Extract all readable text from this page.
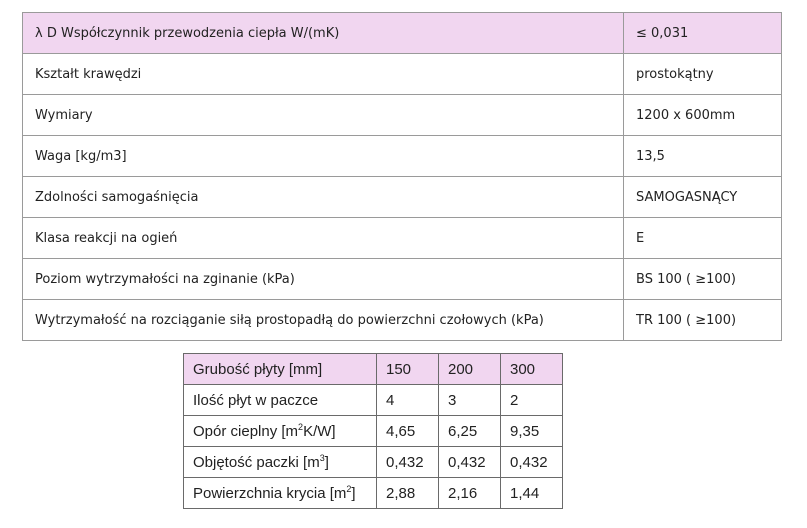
λ D Współczynnik przewodzenia ciepła W/(mK)	≤ 0,031
Kształt krawędzi	prostokątny
Wymiary	1200 x 600mm
Waga [kg/m3]	13,5
Zdolności samogaśnięcia	SAMOGASNĄCY
Klasa reakcji na ogień	E
Poziom wytrzymałości na zginanie (kPa)	BS 100 ( ≥100)
Wytrzymałość na rozciąganie siłą prostopadłą do powierzchni czołowych (kPa)	TR 100 ( ≥100)
Grubość płyty [mm]	150	200	300
Ilość płyt w paczce	4	3	2
Opór cieplny $[m^2K/W]$	4,65	6,25	9,35
Objętość paczki $[m^3]$	0,432	0,432	0,432
Powierzchnia krycia $[m^2]$	2,88	2,16	1,44
